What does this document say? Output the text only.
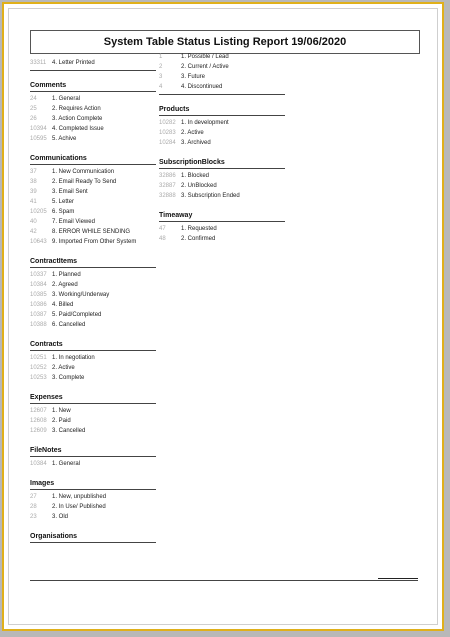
System Table Status Listing Report 19/06/2020
33311 4. Letter Printed
Comments
24	1. General
25	2. Requires Action
26	3. Action Complete
10394 4. Completed Issue
10595 5. Achive
Communications
37	1. New Communication
38	2. Email Ready To Send
39	3. Email Sent
41	5. Letter
10205 6. Spam
40	7. Email Viewed
42	8. ERROR WHILE SENDING
10643 9. Imported From Other System
ContractItems
10337 1. Planned
10384 2. Agreed
10385 3. Working/Underway
10386 4. Billed
10387 5. Paid/Completed
10388 6. Cancelled
Contracts
10251 1. In negotiation
10252 2. Active
10253 3. Complete
Expenses
12607 1. New
12608 2. Paid
12609 3. Cancelled
FileNotes
10384 1. General
Images
27	1. New, unpublished
28	2. In Use/ Published
23	3. Old
Organisations
1	1. Possible / Lead
2	2. Current / Active
3	3. Future
4	4. Discontinued
Products
10282 1. In development
10283 2. Active
10284 3. Archived
SubscriptionBlocks
32886 1. Blocked
32887 2. UnBlocked
32888 3. Subscription Ended
Timeaway
47	1. Requested
48	2. Confirmed
